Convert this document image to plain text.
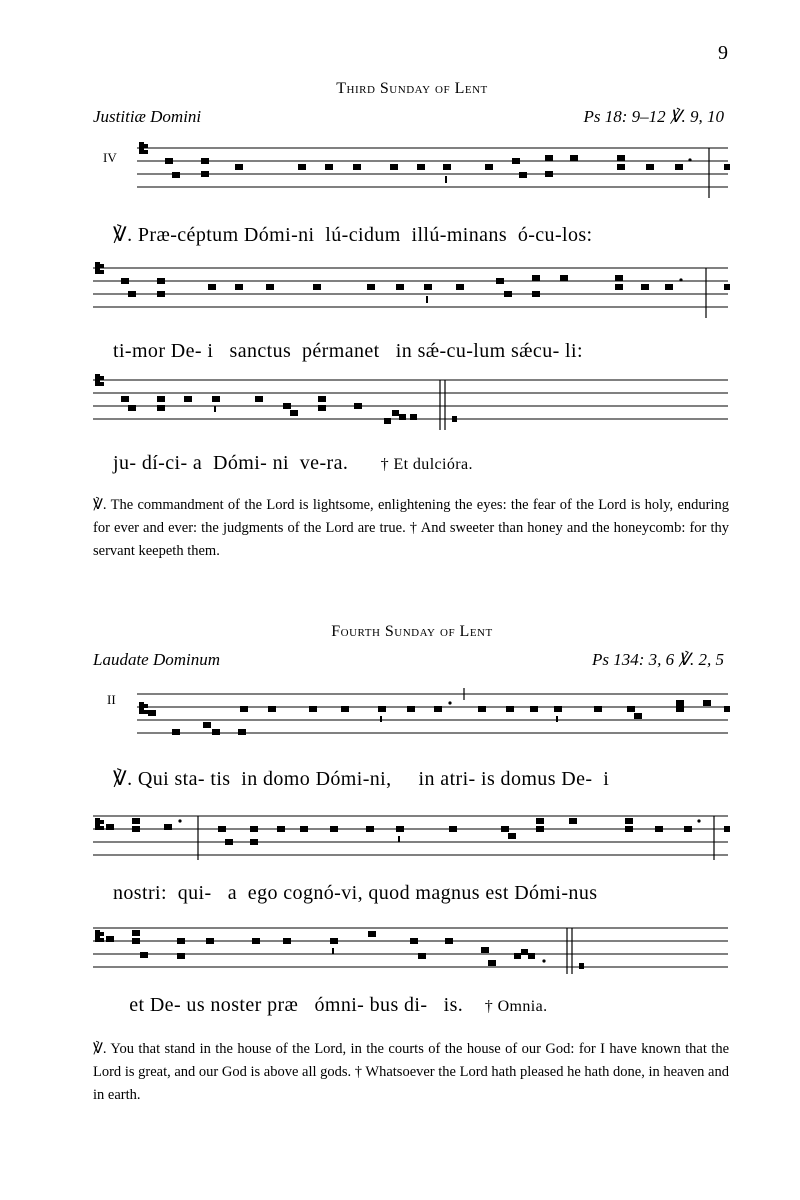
9
Third Sunday of Lent
Justitiæ Domini	Ps 18: 9–12 ℣. 9, 10
IV
℣. Præ-céptum Dómi-ni  lú-cidum  illú-minans  ó-cu-los:
ti-mor De- i   sanctus  pérmanet   in sǽ-cu-lum sǽcu- li:
ju- dí-ci- a  Dómi- ni  ve-ra. † Et dulcióra.
℣. The commandment of the Lord is lightsome, enlightening the eyes: the fear of the Lord is holy, enduring for ever and ever: the judgments of the Lord are true. † And sweeter than honey and the honeycomb: for thy servant keepeth them.
Fourth Sunday of Lent
Laudate Dominum	Ps 134: 3, 6 ℣. 2, 5
II
℣. Qui sta- tis  in domo Dómi-ni,     in atri- is domus De-  i
nostri:  qui-   a  ego cognó-vi, quod magnus est Dómi-nus
et De- us noster præ   ómni- bus di-   is. † Omnia.
℣. You that stand in the house of the Lord, in the courts of the house of our God: for I have known that the Lord is great, and our God is above all gods. † Whatsoever the Lord hath pleased he hath done, in heaven and in earth.
